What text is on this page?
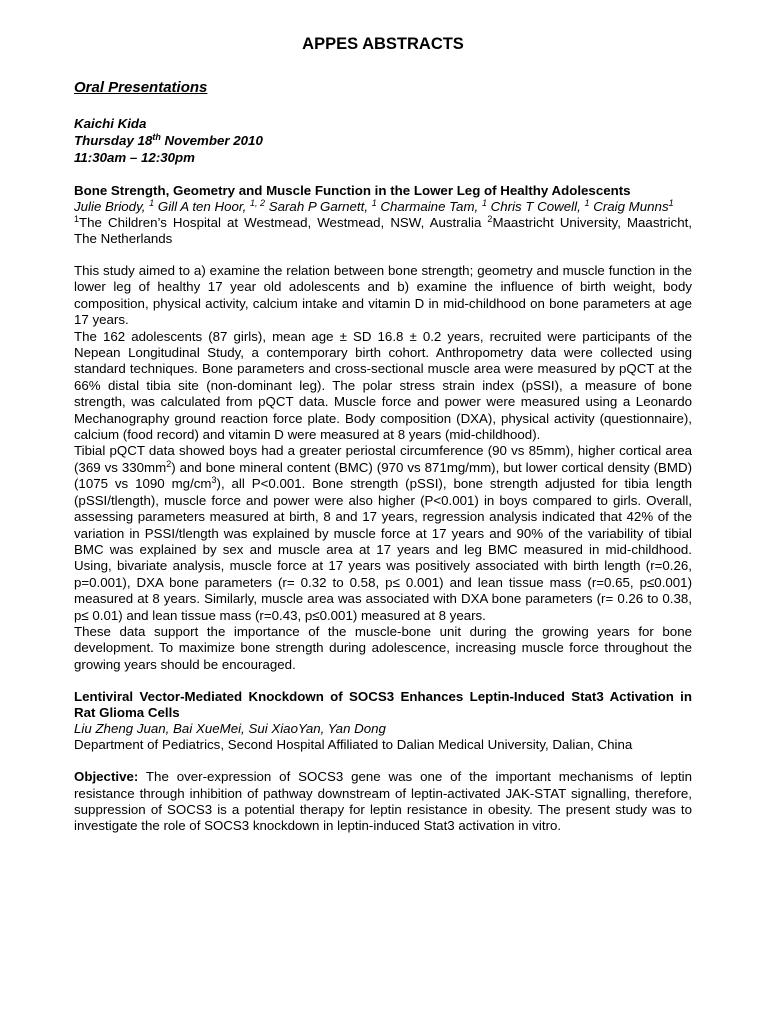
APPES ABSTRACTS
Oral Presentations
Kaichi Kida
Thursday 18th November 2010
11:30am – 12:30pm
Bone Strength, Geometry and Muscle Function in the Lower Leg of Healthy Adolescents
Julie Briody, $^1$ Gill A ten Hoor, $^{1, 2}$ Sarah P Garnett, $^1$ Charmaine Tam, $^1$ Chris T Cowell, $^1$ Craig Munns$^1$
$^1$The Children’s Hospital at Westmead, Westmead, NSW, Australia $^2$Maastricht University, Maastricht, The Netherlands

This study aimed to a) examine the relation between bone strength; geometry and muscle function in the lower leg of healthy 17 year old adolescents and b) examine the influence of birth weight, body composition, physical activity, calcium intake and vitamin D in mid-childhood on bone parameters at age 17 years.

The 162 adolescents (87 girls), mean age ± SD 16.8 ± 0.2 years, recruited were participants of the Nepean Longitudinal Study, a contemporary birth cohort. Anthropometry data were collected using standard techniques. Bone parameters and cross-sectional muscle area were measured by pQCT at the 66% distal tibia site (non-dominant leg). The polar stress strain index (pSSI), a measure of bone strength, was calculated from pQCT data. Muscle force and power were measured using a Leonardo Mechanography ground reaction force plate. Body composition (DXA), physical activity (questionnaire), calcium (food record) and vitamin D were measured at 8 years (mid-childhood).

Tibial pQCT data showed boys had a greater periostal circumference (90 vs 85mm), higher cortical area (369 vs $330mm^2$) and bone mineral content (BMC) (970 vs 871mg/mm), but lower cortical density (BMD) (1075 vs 1090 $mg/cm^3$), all P<0.001. Bone strength (pSSI), bone strength adjusted for tibia length (pSSI/tlength), muscle force and power were also higher (P<0.001) in boys compared to girls. Overall, assessing parameters measured at birth, 8 and 17 years, regression analysis indicated that 42% of the variation in PSSI/tlength was explained by muscle force at 17 years and 90% of the variability of tibial BMC was explained by sex and muscle area at 17 years and leg BMC measured in mid-childhood. Using, bivariate analysis, muscle force at 17 years was positively associated with birth length (r=0.26, p=0.001), DXA bone parameters (r= 0.32 to 0.58, p≤ 0.001) and lean tissue mass (r=0.65, p≤0.001) measured at 8 years. Similarly, muscle area was associated with DXA bone parameters (r= 0.26 to 0.38, p≤ 0.01) and lean tissue mass (r=0.43, p≤0.001) measured at 8 years.

These data support the importance of the muscle-bone unit during the growing years for bone development. To maximize bone strength during adolescence, increasing muscle force throughout the growing years should be encouraged.

Lentiviral Vector-Mediated Knockdown of SOCS3 Enhances Leptin-Induced Stat3 Activation in Rat Glioma Cells
Liu Zheng Juan, Bai XueMei, Sui XiaoYan, Yan Dong
Department of Pediatrics, Second Hospital Affiliated to Dalian Medical University, Dalian, China

Objective: The over-expression of SOCS3 gene was one of the important mechanisms of leptin resistance through inhibition of pathway downstream of leptin-activated JAK-STAT signalling, therefore, suppression of SOCS3 is a potential therapy for leptin resistance in obesity. The present study was to investigate the role of SOCS3 knockdown in leptin-induced Stat3 activation in vitro.
